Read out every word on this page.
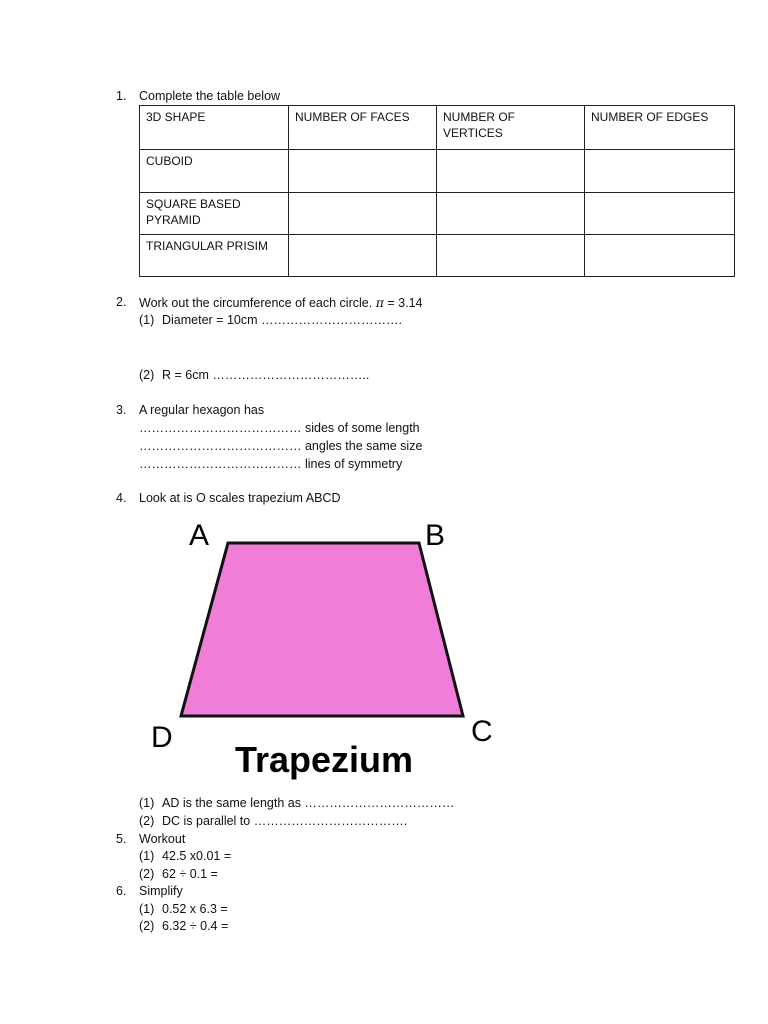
1. Complete the table below
3D SHAPE	NUMBER OF FACES	NUMBER OF VERTICES	NUMBER OF EDGES
CUBOID			
SQUARE BASED PYRAMID			
TRIANGULAR PRISIM			
2. Work out the circumference of each circle. π = 3.14
(1) Diameter = 10cm …………………………….
(2) R = 6cm ………………………………..
3. A regular hexagon has
………………………………… sides of some length
………………………………… angles the same size
………………………………… lines of symmetry
4. Look at is O scales trapezium ABCD
A	B
C
D
Trapezium
(1) AD is the same length as ………………………………
(2) DC is parallel to ……………………………….
5. Workout
(1) 42.5 x0.01 =
(2) 62 ÷ 0.1 =
6. Simplify
(1) 0.52 x 6.3 =
(2) 6.32 ÷ 0.4 =
